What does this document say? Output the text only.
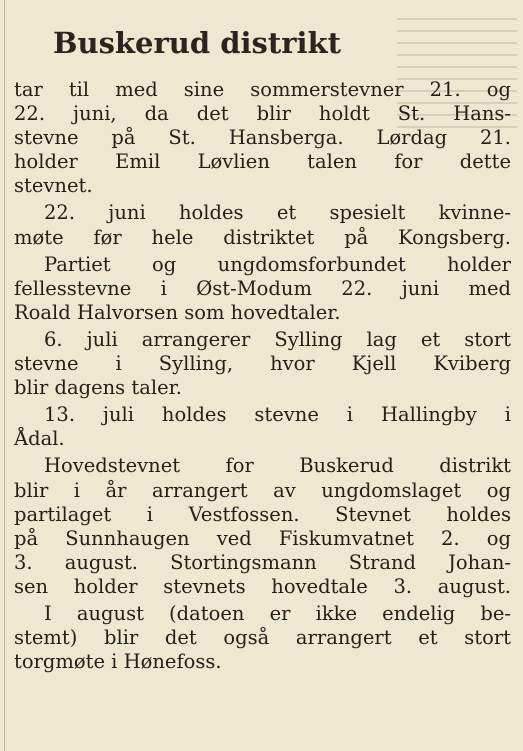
Buskerud distrikt

tar til med sine sommerstevner 21. og
22. juni, da det blir holdt St. Hans-
stevne på St. Hansberga. Lørdag 21.
holder Emil Løvlien talen for dette
stevnet.

22. juni holdes et spesielt kvinne-
møte før hele distriktet på Kongsberg.

Partiet og ungdomsforbundet holder
fellesstevne i Øst-Modum 22. juni med
Roald Halvorsen som hovedtaler.

6. juli arrangerer Sylling lag et stort
stevne i Sylling, hvor Kjell Kviberg
blir dagens taler.

13. juli holdes stevne i Hallingby i
Ådal.

Hovedstevnet for Buskerud distrikt
blir i år arrangert av ungdomslaget og
partilaget i Vestfossen. Stevnet holdes
på Sunnhaugen ved Fiskumvatnet 2. og
3. august. Stortingsmann Strand Johan-
sen holder stevnets hovedtale 3. august.

I august (datoen er ikke endelig be-
stemt) blir det også arrangert et stort
torgmøte i Hønefoss.
